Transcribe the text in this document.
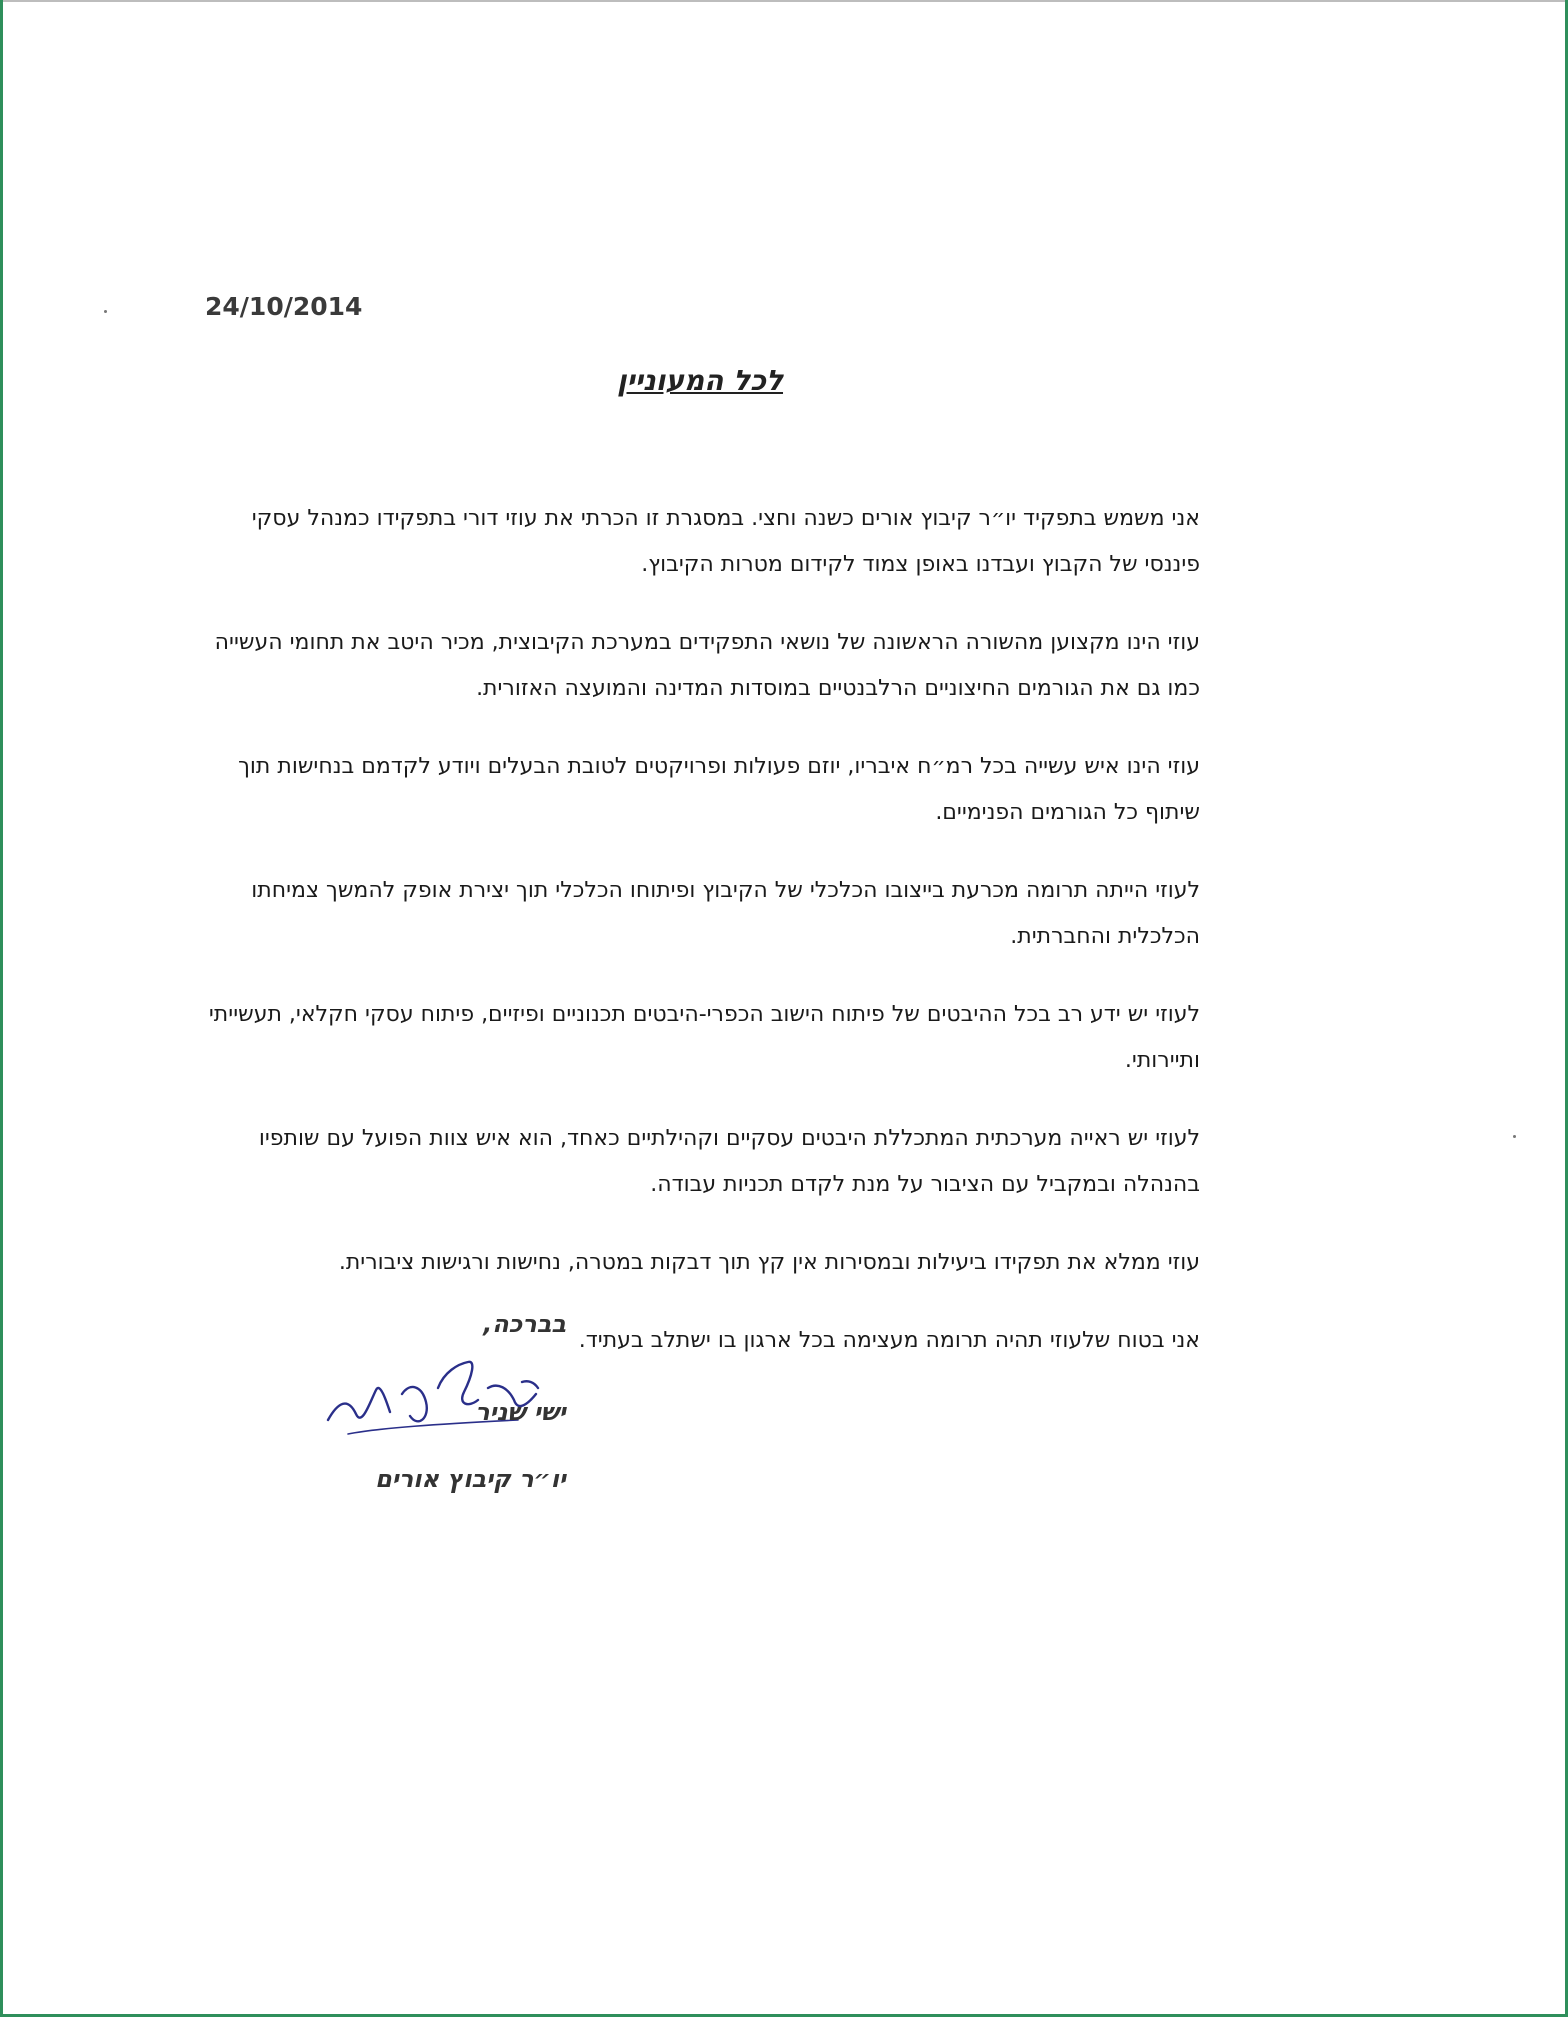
24/10/2014
לכל המעוניין

אני משמש בתפקיד יו״ר קיבוץ אורים כשנה וחצי. במסגרת זו הכרתי את עוזי דורי בתפקידו כמנהל עסקי פיננסי של הקבוץ ועבדנו באופן צמוד לקידום מטרות הקיבוץ.

עוזי הינו מקצוען מהשורה הראשונה של נושאי התפקידים במערכת הקיבוצית, מכיר היטב את תחומי העשייה כמו גם את הגורמים החיצוניים הרלבנטיים במוסדות המדינה והמועצה האזורית.

עוזי הינו איש עשייה בכל רמ״ח איבריו, יוזם פעולות ופרויקטים לטובת הבעלים ויודע לקדמם בנחישות תוך שיתוף כל הגורמים הפנימיים.

לעוזי הייתה תרומה מכרעת בייצובו הכלכלי של הקיבוץ ופיתוחו הכלכלי תוך יצירת אופק להמשך צמיחתו הכלכלית והחברתית.

לעוזי יש ידע רב בכל ההיבטים של פיתוח הישוב הכפרי-היבטים תכנוניים ופיזיים, פיתוח עסקי חקלאי, תעשייתי ותיירותי.

לעוזי יש ראייה מערכתית המתכללת היבטים עסקיים וקהילתיים כאחד, הוא איש צוות הפועל עם שותפיו בהנהלה ובמקביל עם הציבור על מנת לקדם תכניות עבודה.

עוזי ממלא את תפקידו ביעילות ובמסירות אין קץ תוך דבקות במטרה, נחישות ורגישות ציבורית.

אני בטוח שלעוזי תהיה תרומה מעצימה בכל ארגון בו ישתלב בעתיד.

בברכה,
ישי שניר
יו״ר קיבוץ אורים
